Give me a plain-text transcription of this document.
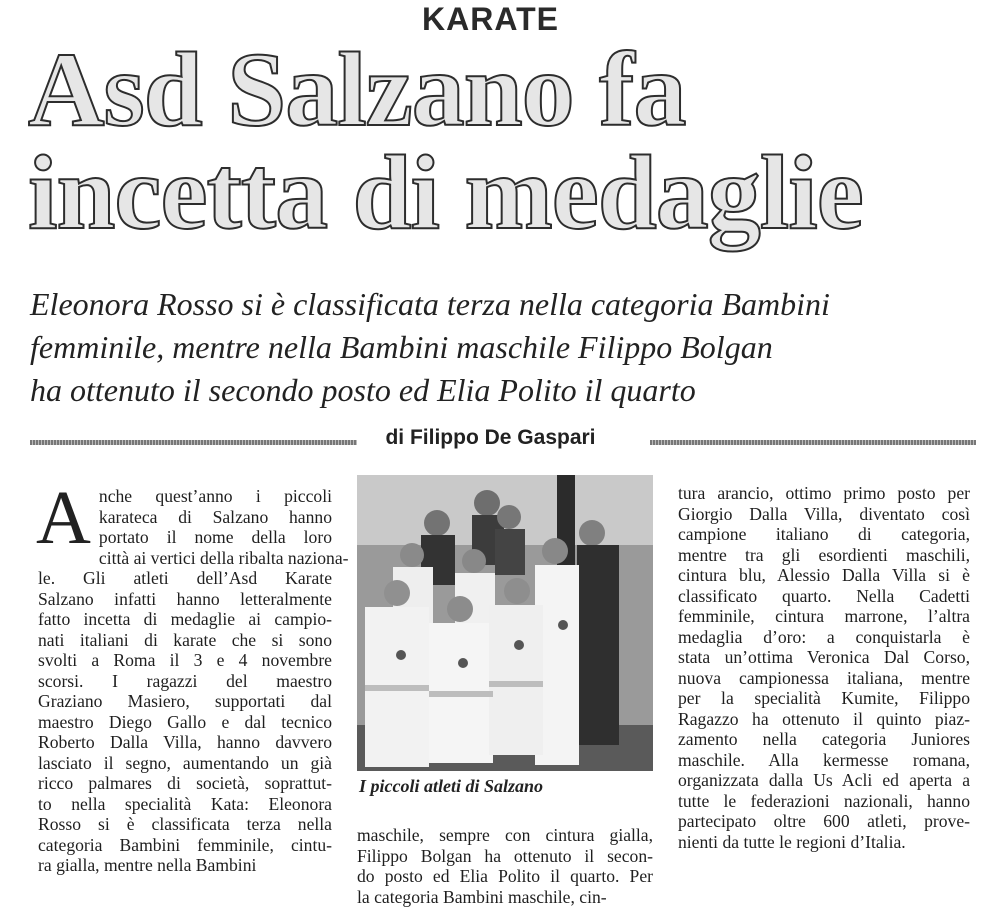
KARATE
Asd Salzano fa
incetta di medaglie
Eleonora Rosso si è classificata terza nella categoria Bambini
femminile, mentre nella Bambini maschile Filippo Bolgan
ha ottenuto il secondo posto ed Elia Polito il quarto
di Filippo De Gaspari
A nche quest’anno i piccoli
karateca di Salzano hanno
portato il nome della loro
città ai vertici della ribalta naziona-
le. Gli atleti dell’Asd Karate
Salzano infatti hanno letteralmente
fatto incetta di medaglie ai campio-
nati italiani di karate che si sono
svolti a Roma il 3 e 4 novembre
scorsi. I ragazzi del maestro
Graziano Masiero, supportati dal
maestro Diego Gallo e dal tecnico
Roberto Dalla Villa, hanno davvero
lasciato il segno, aumentando un già
ricco palmares di società, soprattut-
to nella specialità Kata: Eleonora
Rosso si è classificata terza nella
categoria Bambini femminile, cintu-
ra gialla, mentre nella Bambini
I piccoli atleti di Salzano
maschile, sempre con cintura gialla,
Filippo Bolgan ha ottenuto il secon-
do posto ed Elia Polito il quarto. Per
la categoria Bambini maschile, cin-
tura arancio, ottimo primo posto per
Giorgio Dalla Villa, diventato così
campione italiano di categoria,
mentre tra gli esordienti maschili,
cintura blu, Alessio Dalla Villa si è
classificato quarto. Nella Cadetti
femminile, cintura marrone, l’altra
medaglia d’oro: a conquistarla è
stata un’ottima Veronica Dal Corso,
nuova campionessa italiana, mentre
per la specialità Kumite, Filippo
Ragazzo ha ottenuto il quinto piaz-
zamento nella categoria Juniores
maschile. Alla kermesse romana,
organizzata dalla Us Acli ed aperta a
tutte le federazioni nazionali, hanno
partecipato oltre 600 atleti, prove-
nienti da tutte le regioni d’Italia.
